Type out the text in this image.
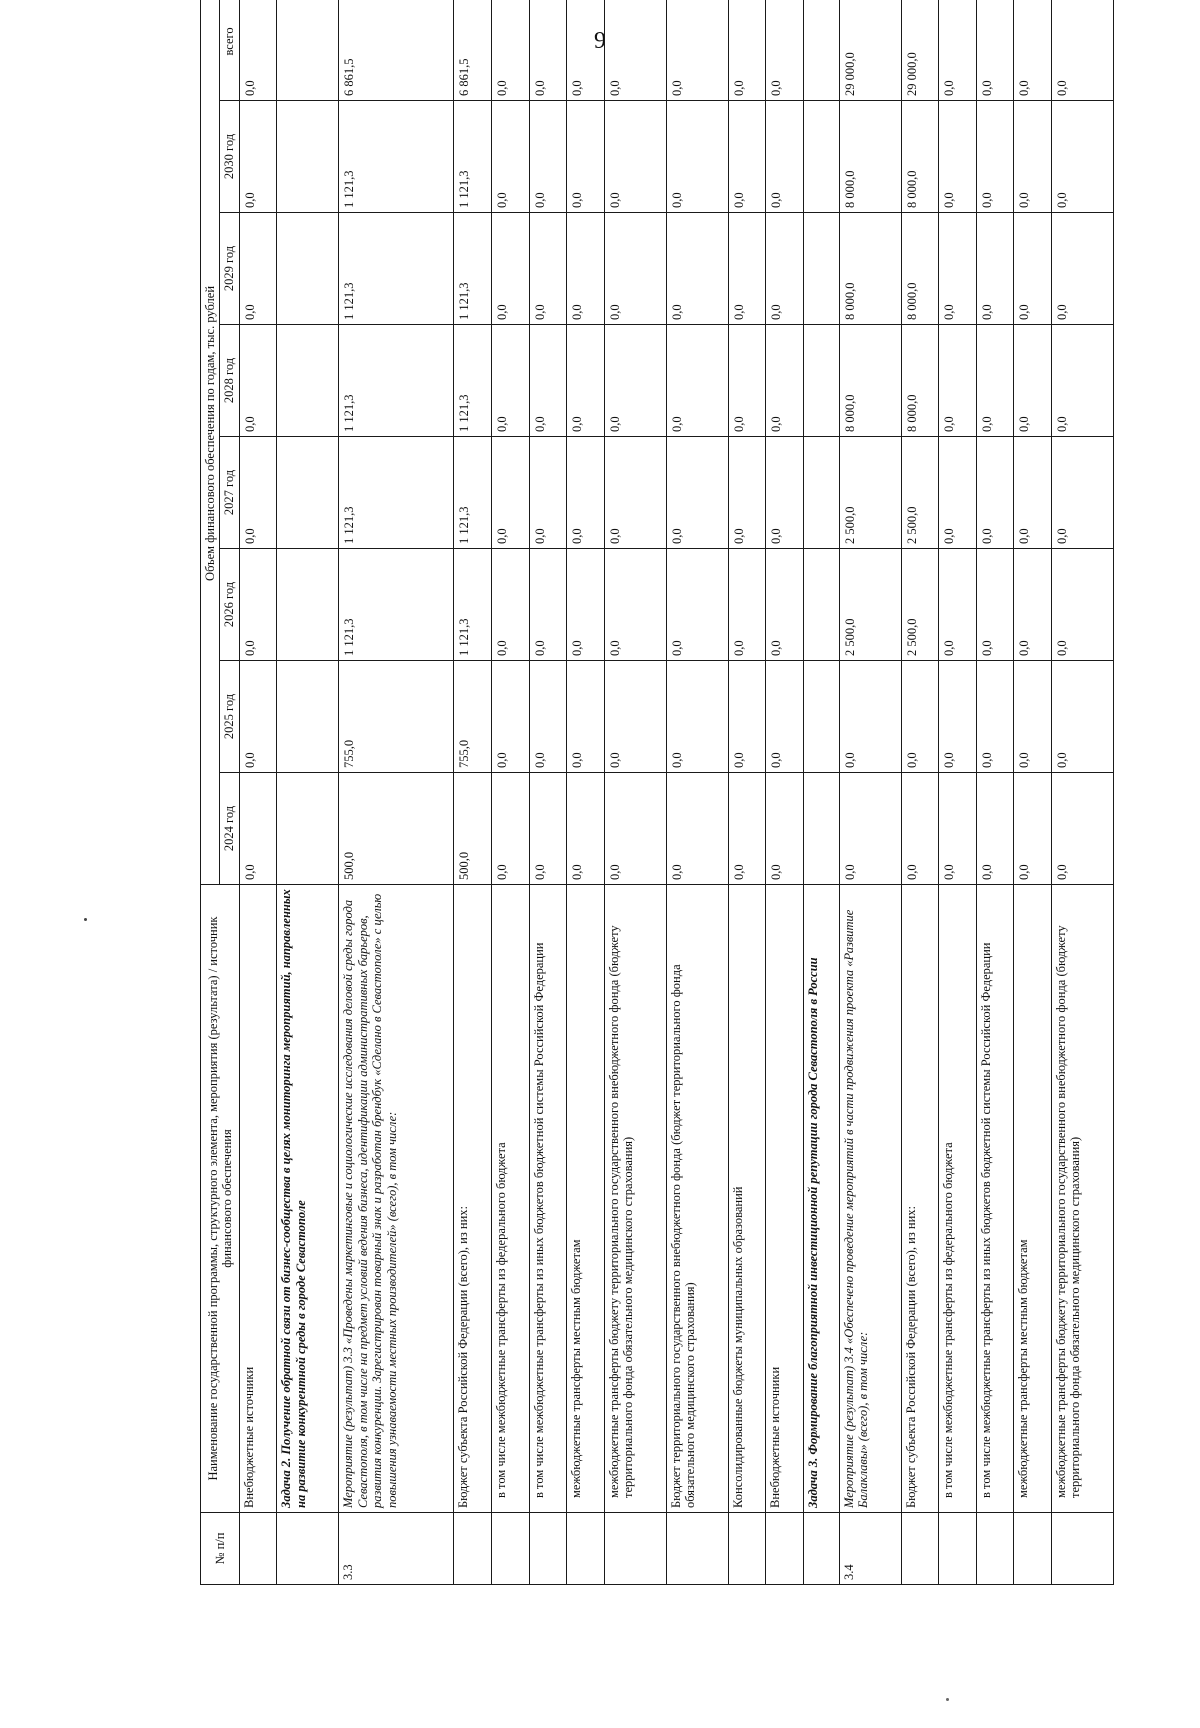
9
№ п/п	Наименование государственной программы, структурного элемента, мероприятия (результата) / источник финансового обеспечения	Объем финансового обеспечения по годам, тыс. рублей							
		2024 год	2025 год	2026 год	2027 год	2028 год	2029 год	2030 год	всего
	Внебюджетные источники	0,0	0,0	0,0	0,0	0,0	0,0	0,0	0,0
	Задача 2. Получение обратной связи от бизнес-сообщества в целях мониторинга мероприятий, направленных на развитие конкурентной среды в городе Севастополе								
3.3	Мероприятие (результат) 3.3 «Проведены маркетинговые и социологические исследования деловой среды города Севастополя, в том числе на предмет условий ведения бизнеса, идентификации административных барьеров, развития конкуренции. Зарегистрирован товарный знак и разработан брендбук «Сделано в Севастополе» с целью повышения узнаваемости местных производителей» (всего), в том числе:	500,0	755,0	1 121,3	1 121,3	1 121,3	1 121,3	1 121,3	6 861,5
	Бюджет субъекта Российской Федерации (всего), из них:	500,0	755,0	1 121,3	1 121,3	1 121,3	1 121,3	1 121,3	6 861,5
	в том числе межбюджетные трансферты из федерального бюджета	0,0	0,0	0,0	0,0	0,0	0,0	0,0	0,0
	в том числе межбюджетные трансферты из иных бюджетов бюджетной системы Российской Федерации	0,0	0,0	0,0	0,0	0,0	0,0	0,0	0,0
	межбюджетные трансферты местным бюджетам	0,0	0,0	0,0	0,0	0,0	0,0	0,0	0,0
	межбюджетные трансферты бюджету территориального государственного внебюджетного фонда (бюджету территориального фонда обязательного медицинского страхования)	0,0	0,0	0,0	0,0	0,0	0,0	0,0	0,0
	Бюджет территориального государственного внебюджетного фонда (бюджет территориального фонда обязательного медицинского страхования)	0,0	0,0	0,0	0,0	0,0	0,0	0,0	0,0
	Консолидированные бюджеты муниципальных образований	0,0	0,0	0,0	0,0	0,0	0,0	0,0	0,0
	Внебюджетные источники	0,0	0,0	0,0	0,0	0,0	0,0	0,0	0,0
	Задача 3. Формирование благоприятной инвестиционной репутации города Севастополя в России								
3.4	Мероприятие (результат) 3.4 «Обеспечено проведение мероприятий в части продвижения проекта «Развитие Балаклавы» (всего), в том числе:	0,0	0,0	2 500,0	2 500,0	8 000,0	8 000,0	8 000,0	29 000,0
	Бюджет субъекта Российской Федерации (всего), из них:	0,0	0,0	2 500,0	2 500,0	8 000,0	8 000,0	8 000,0	29 000,0
	в том числе межбюджетные трансферты из федерального бюджета	0,0	0,0	0,0	0,0	0,0	0,0	0,0	0,0
	в том числе межбюджетные трансферты из иных бюджетов бюджетной системы Российской Федерации	0,0	0,0	0,0	0,0	0,0	0,0	0,0	0,0
	межбюджетные трансферты местным бюджетам	0,0	0,0	0,0	0,0	0,0	0,0	0,0	0,0
	межбюджетные трансферты бюджету территориального государственного внебюджетного фонда (бюджету территориального фонда обязательного медицинского страхования)	0,0	0,0	0,0	0,0	0,0	0,0	0,0	0,0
